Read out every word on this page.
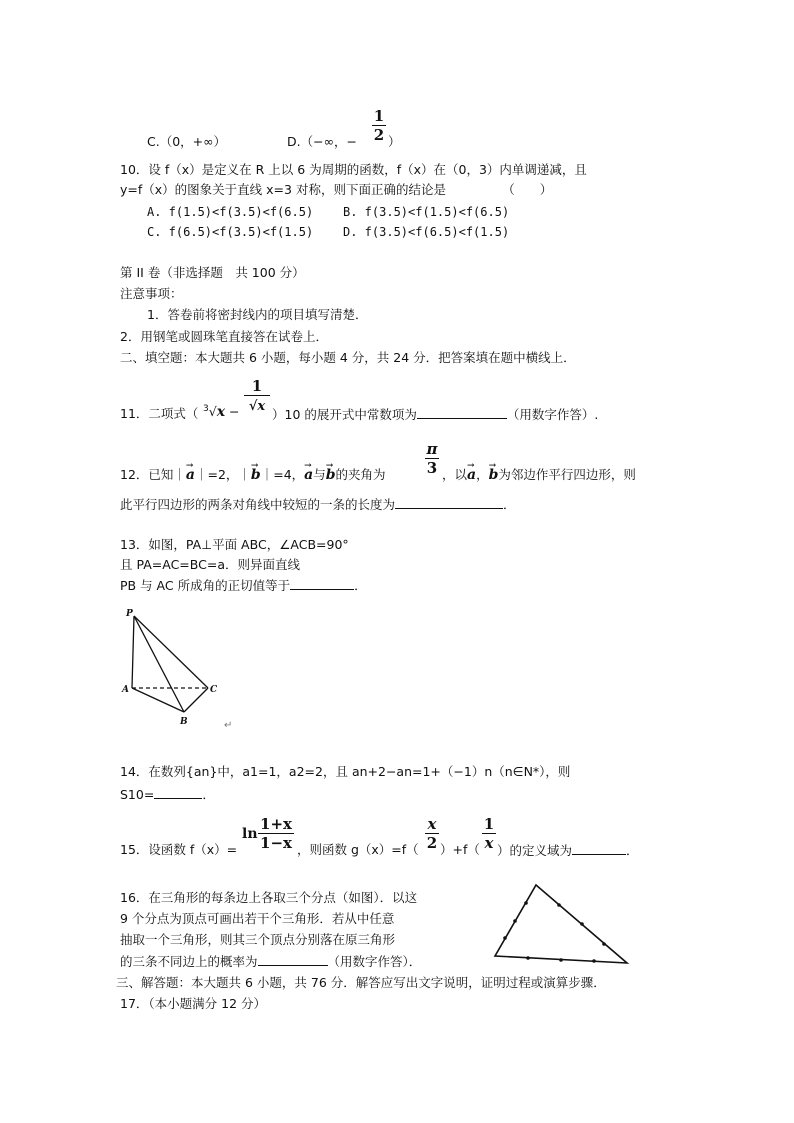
C.（0，+∞）	D.（−∞，−
1
2 ）
10．设 f（x）是定义在 R 上以 6 为周期的函数，f（x）在（0，3）内单调递减，且
y=f（x）的图象关于直线 x=3 对称，则下面正确的结论是　　　　　（　　）
A. f(1.5)<f(3.5)<f(6.5) B. f(3.5)<f(1.5)<f(6.5)
C. f(6.5)<f(3.5)<f(1.5) D. f(3.5)<f(6.5)<f(1.5)
第 II 卷（非选择题　共 100 分）
注意事项：
1．答卷前将密封线内的项目填写清楚．
2．用钢笔或圆珠笔直接答在试卷上．
二、填空题：本大题共 6 小题，每小题 4 分，共 24 分．把答案填在题中横线上．
11．二项式（ $^3$√x −
1
√x
）10 的展开式中常数项为	（用数字作答）.
12．已知｜→ a｜=2，｜→ b｜=4，→ a与→ b的夹角为
π
3 ，以→ a，→ b为邻边作平行四边形，则
此平行四边形的两条对角线中较短的一条的长度为	．
13．如图，PA⊥平面 ABC，∠ACB=90°
且 PA=AC=BC=a．则异面直线
PB 与 AC 所成角的正切值等于	．
P
A	C
B	↵
14．在数列{an}中，a1=1，a2=2，且 an+2−an=1+（−1）n（n∈N*），则
S10=	．
15．设函数 f（x）=
ln
1+x
1−x ，则函数 g（x）=f（
x
2 ）+f（
1
x ）的定义域为	．
16．在三角形的每条边上各取三个分点（如图）．以这
9 个分点为顶点可画出若干个三角形．若从中任意
抽取一个三角形，则其三个顶点分别落在原三角形
的三条不同边上的概率为	（用数字作答）．
三、解答题：本大题共 6 小题，共 76 分．解答应写出文字说明，证明过程或演算步骤．
17．（本小题满分 12 分）
